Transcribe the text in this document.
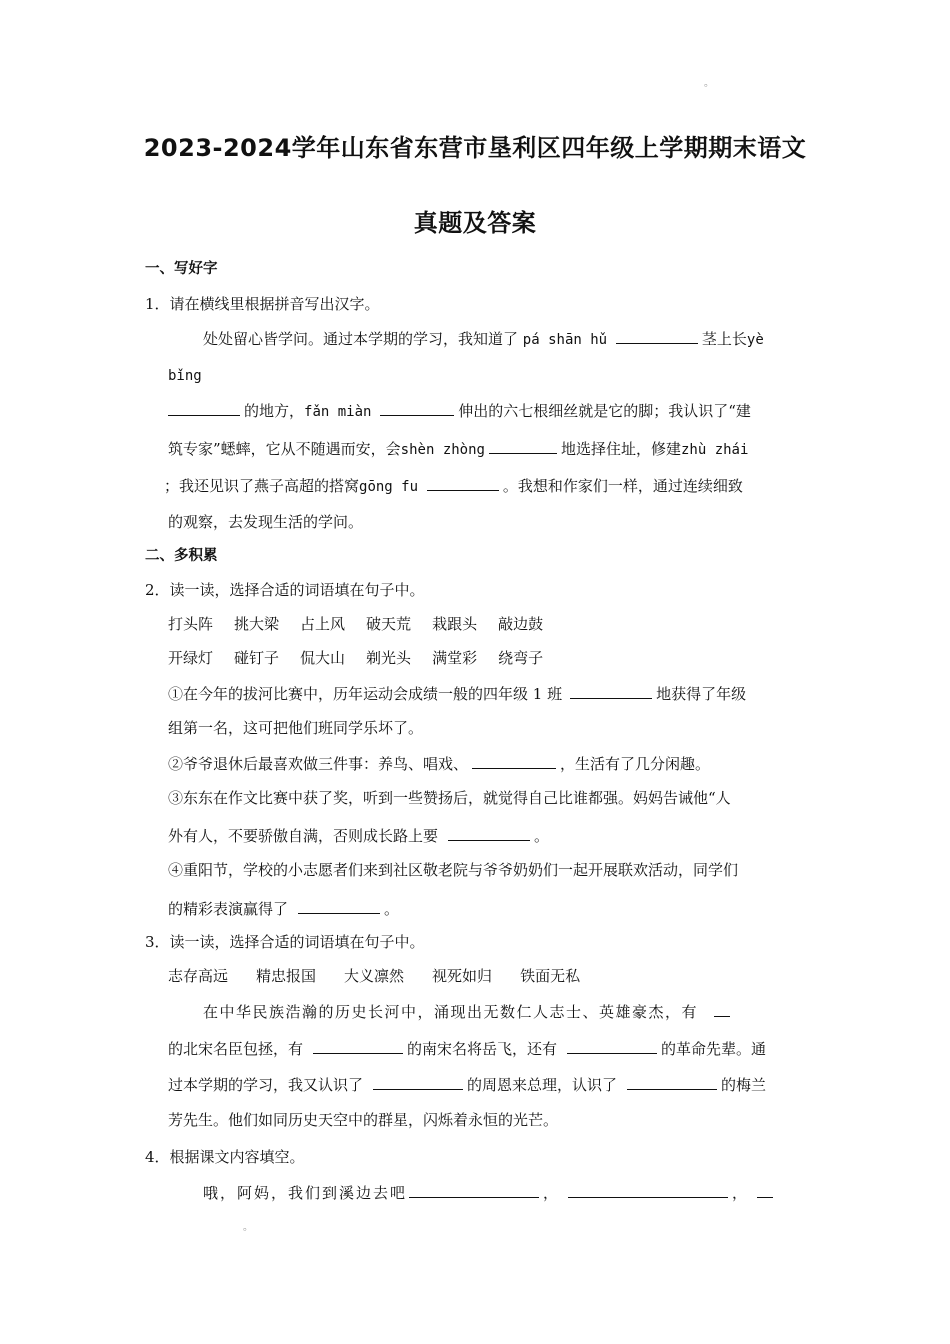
。
2023-2024学年山东省东营市垦利区四年级上学期期末语文
真题及答案
一、写好字
1．请在横线里根据拼音写出汉字。
处处留心皆学问。通过本学期的学习，我知道了 pá shān hǔ	茎上长yè
bǐng
的地方，fǎn miàn	伸出的六七根细丝就是它的脚；我认识了“建
筑专家”蟋蟀，它从不随遇而安，会shèn zhòng	地选择住址，修建zhù zhái
；我还见识了燕子高超的搭窝gōng fu	。我想和作家们一样，通过连续细致
的观察，去发现生活的学问。
二、多积累
2．读一读，选择合适的词语填在句子中。
打头阵 挑大梁 占上风 破天荒 栽跟头 敲边鼓
开绿灯 碰钉子 侃大山 剃光头 满堂彩 绕弯子
①在今年的拔河比赛中，历年运动会成绩一般的四年级 1 班	地获得了年级
组第一名，这可把他们班同学乐坏了。
②爷爷退休后最喜欢做三件事：养鸟、唱戏、	，生活有了几分闲趣。
③东东在作文比赛中获了奖，听到一些赞扬后，就觉得自己比谁都强。妈妈告诫他“人
外有人，不要骄傲自满，否则成长路上要	。
④重阳节，学校的小志愿者们来到社区敬老院与爷爷奶奶们一起开展联欢活动，同学们
的精彩表演赢得了	。
3．读一读，选择合适的词语填在句子中。
志存高远 精忠报国 大义凛然 视死如归 铁面无私
在中华民族浩瀚的历史长河中，涌现出无数仁人志士、英雄豪杰，有
的北宋名臣包拯，有	的南宋名将岳飞，还有	的革命先辈。通
过本学期的学习，我又认识了	的周恩来总理，认识了	的梅兰
芳先生。他们如同历史天空中的群星，闪烁着永恒的光芒。
4．根据课文内容填空。
哦，阿妈，我们到溪边去吧	，	，
。
